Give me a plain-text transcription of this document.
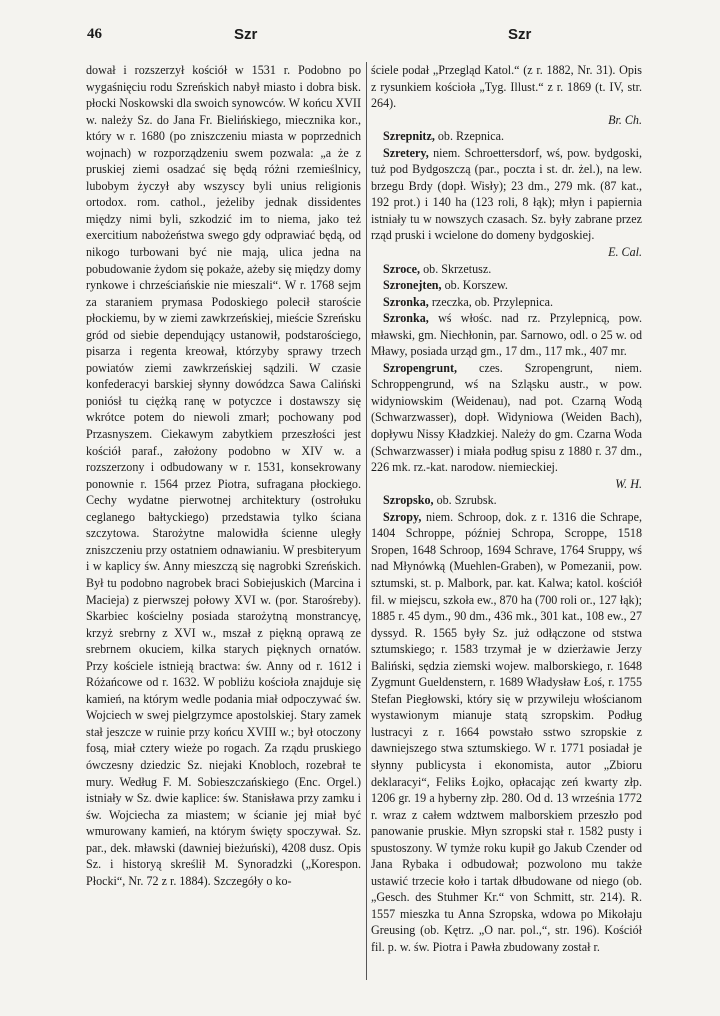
46	Szr	Szr

dował i rozszerzył kościół w 1531 r. Podobno po wygaśnięciu rodu Szreńskich nabył miasto i dobra bisk. płocki Noskowski dla swoich synowców. W końcu XVII w. należy Sz. do Jana Fr. Bielińskiego, miecznika kor., który w r. 1680 (po zniszczeniu miasta w poprzednich wojnach) w rozporządzeniu swem pozwala: „a że z pruskiej ziemi osadzać się będą różni rzemieślnicy, lubobym życzył aby wszyscy byli unius religionis ortodox. rom. cathol., jeżeliby jednak dissidentes między nimi byli, szkodzić im to niema, jako też exercitium nabożeństwa swego gdy odprawiać będą, od nikogo turbowani być nie mają, ulica jedna na pobudowanie żydom się pokaże, ażeby się między domy rynkowe i chrześciańskie nie mieszali“. W r. 1768 sejm za staraniem prymasa Podoskiego polecił staroście płockiemu, by w ziemi zawkrzeńskiej, mieście Szreńsku gród od siebie dependujący ustanowił, podstarościego, pisarza i regenta kreował, którzyby sprawy trzech powiatów ziemi zawkrzeńskiej sądzili. W czasie konfederacyi barskiej słynny dowódzca Sawa Caliński poniósł tu ciężką ranę w potyczce i dostawszy się wkrótce potem do niewoli zmarł; pochowany pod Przasnyszem. Ciekawym zabytkiem przeszłości jest kościół paraf., założony podobno w XIV w. a rozszerzony i odbudowany w r. 1531, konsekrowany ponownie r. 1564 przez Piotra, sufragana płockiego. Cechy wydatne pierwotnej architektury (ostrołuku ceglanego bałtyckiego) przedstawia tylko ściana szczytowa. Starożytne malowidła ścienne uległy zniszczeniu przy ostatniem odnawianiu. W presbiteryum i w kaplicy św. Anny mieszczą się nagrobki Szreńskich. Był tu podobno nagrobek braci Sobiejuskich (Marcina i Macieja) z pierwszej połowy XVI w. (por. Starośreby). Skarbiec kościelny posiada starożytną monstrancyę, krzyż srebrny z XVI w., mszał z piękną oprawą ze srebrnem okuciem, kilka starych pięknych ornatów. Przy kościele istnieją bractwa: św. Anny od r. 1612 i Różańcowe od r. 1632. W pobliżu kościoła znajduje się kamień, na którym wedle podania miał odpoczywać św. Wojciech w swej pielgrzymce apostolskiej. Stary zamek stał jeszcze w ruinie przy końcu XVIII w.; był otoczony fosą, miał cztery wieże po rogach. Za rządu pruskiego ówczesny dziedzic Sz. niejaki Knobloch, rozebrał te mury. Według F. M. Sobieszczańskiego (Enc. Orgel.) istniały w Sz. dwie kaplice: św. Stanisława przy zamku i św. Wojciecha za miastem; w ścianie jej miał być wmurowany kamień, na którym święty spoczywał. Sz. par., dek. mławski (dawniej bieżuński), 4208 dusz. Opis Sz. i historyą skreślił M. Synoradzki („Korespon. Płocki“, Nr. 72 z r. 1884). Szczegóły o ko-

ściele podał „Przegląd Katol.“ (z r. 1882, Nr. 31). Opis z rysunkiem kościoła „Tyg. Illust.“ z r. 1869 (t. IV, str. 264).
Br. Ch.

Szrepnitz, ob. Rzepnica.

Szretery, niem. Schroettersdorf, wś, pow. bydgoski, tuż pod Bydgoszczą (par., poczta i st. dr. żel.), na lew. brzegu Brdy (dopł. Wisły); 23 dm., 279 mk. (87 kat., 192 prot.) i 140 ha (123 roli, 8 łąk); młyn i papiernia istniały tu w nowszych czasach. Sz. były zabrane przez rząd pruski i wcielone do domeny bydgoskiej.
E. Cal.

Szroce, ob. Skrzetusz.

Szronejten, ob. Korszew.

Szronka, rzeczka, ob. Przylepnica.

Szronka, wś włośc. nad rz. Przylepnicą, pow. mławski, gm. Niechłonin, par. Sarnowo, odl. o 25 w. od Mławy, posiada urząd gm., 17 dm., 117 mk., 407 mr.

Szropengrunt, czes. Szropengrunt, niem. Schroppengrund, wś na Szląsku austr., w pow. widyniowskim (Weidenau), nad pot. Czarną Wodą (Schwarzwasser), dopł. Widyniowa (Weiden Bach), dopływu Nissy Kładzkiej. Należy do gm. Czarna Woda (Schwarzwasser) i miała podług spisu z 1880 r. 37 dm., 226 mk. rz.-kat. narodow. niemieckiej.
W. H.

Szropsko, ob. Szrubsk.

Szropy, niem. Schroop, dok. z r. 1316 die Schrape, 1404 Schroppe, później Schropa, Scroppe, 1518 Sropen, 1648 Schroop, 1694 Schrave, 1764 Sruppy, wś nad Młynówką (Muehlen-Graben), w Pomezanii, pow. sztumski, st. p. Malbork, par. kat. Kalwa; katol. kościół fil. w miejscu, szkoła ew., 870 ha (700 roli or., 127 łąk); 1885 r. 45 dym., 90 dm., 436 mk., 301 kat., 108 ew., 27 dyssyd. R. 1565 były Sz. już odłączone od ststwa sztumskiego; r. 1583 trzymał je w dzierżawie Jerzy Baliński, sędzia ziemski wojew. malborskiego, r. 1648 Zygmunt Gueldenstern, r. 1689 Władysław Łoś, r. 1755 Stefan Piegłowski, który się w przywileju włościanom wystawionym mianuje statą szropskim. Podług lustracyi z r. 1664 powstało sstwo szropskie z dawniejszego stwa sztumskiego. W r. 1771 posiadał je słynny publicysta i ekonomista, autor „Zbioru deklaracyi“, Feliks Łojko, opłacając zeń kwarty złp. 1206 gr. 19 a hyberny złp. 280. Od d. 13 września 1772 r. wraz z całem wdztwem malborskiem przeszło pod panowanie pruskie. Młyn szropski stał r. 1582 pusty i spustoszony. W tymże roku kupił go Jakub Czender od Jana Rybaka i odbudował; pozwolono mu także ustawić trzecie koło i tartak dłbudowane od niego (ob. „Gesch. des Stuhmer Kr.“ von Schmitt, str. 214). R. 1557 mieszka tu Anna Szropska, wdowa po Mikołaju Greusing (ob. Kętrz. „O nar. pol.,“, str. 196). Kościół fil. p. w. św. Piotra i Pawła zbudowany został r.
